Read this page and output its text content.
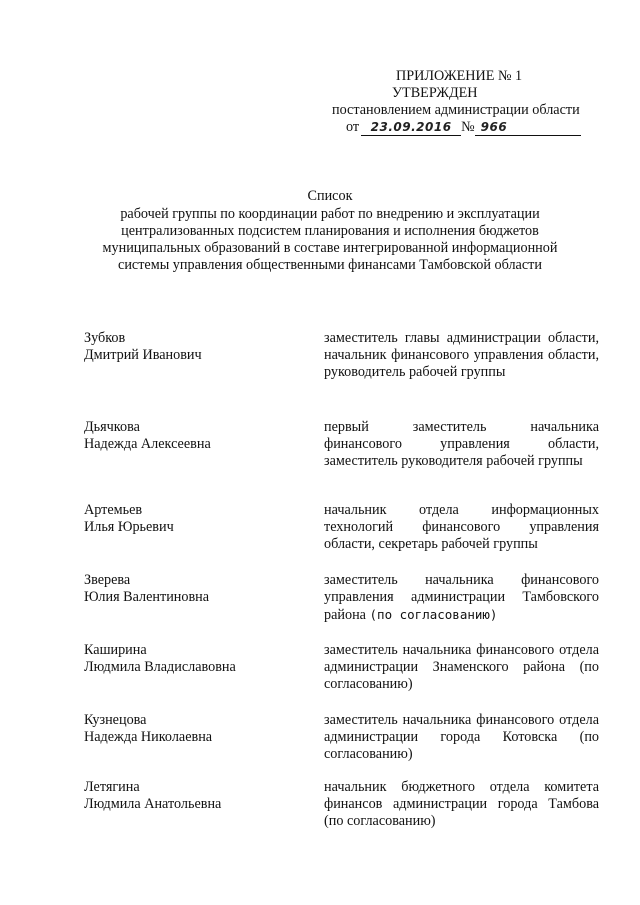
ПРИЛОЖЕНИЕ № 1
УТВЕРЖДЕН
постановлением администрации области
от 23.09.2016 № 966
Список
рабочей группы по координации работ по внедрению и эксплуатации
централизованных подсистем планирования и исполнения бюджетов
муниципальных образований в составе интегрированной информационной
системы управления общественными финансами Тамбовской области
Зубков
Дмитрий Иванович
заместитель главы администрации области, начальник финансового управления области, руководитель рабочей группы
Дьячкова
Надежда Алексеевна
первый заместитель начальника финансового управления области, заместитель руководителя рабочей группы
Артемьев
Илья Юрьевич
начальник отдела информационных технологий финансового управления области, секретарь рабочей группы
Зверева
Юлия Валентиновна
заместитель начальника финансового управления администрации Тамбовского района (по согласованию)
Каширина
Людмила Владиславовна
заместитель начальника финансового отдела администрации Знаменского района (по согласованию)
Кузнецова
Надежда Николаевна
заместитель начальника финансового отдела администрации города Котовска (по согласованию)
Летягина
Людмила Анатольевна
начальник бюджетного отдела комитета финансов администрации города Тамбова (по согласованию)
